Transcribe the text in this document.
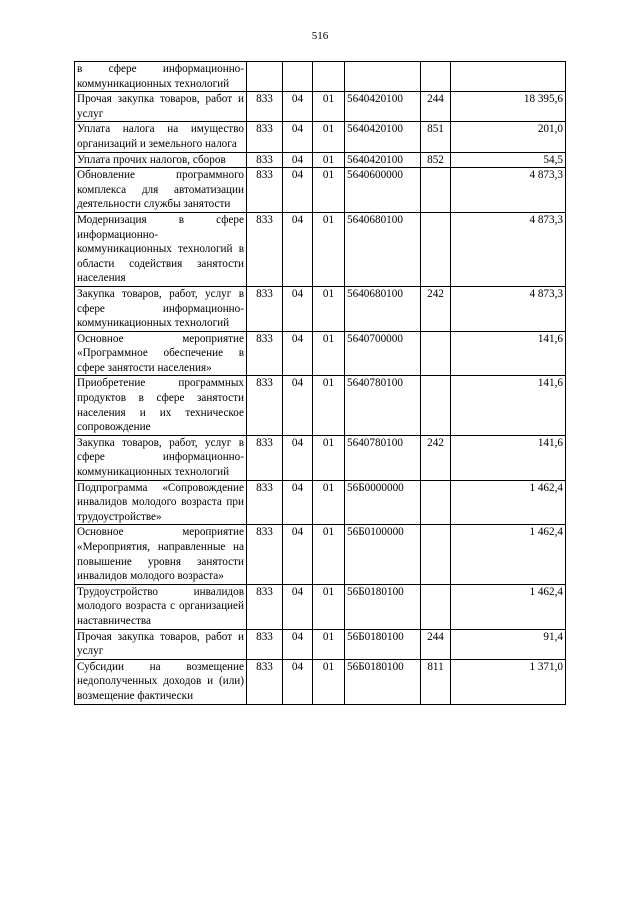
516
в сфере информационно-коммуникационных технологий						
Прочая закупка товаров, работ и услуг	833	04	01	5640420100	244	18 395,6
Уплата налога на имущество организаций и земельного налога	833	04	01	5640420100	851	201,0
Уплата прочих налогов, сборов	833	04	01	5640420100	852	54,5
Обновление программного комплекса для автоматизации деятельности службы занятости	833	04	01	5640600000		4 873,3
Модернизация в сфере информационно-коммуникационных технологий в области содействия занятости населения	833	04	01	5640680100		4 873,3
Закупка товаров, работ, услуг в сфере информационно-коммуникационных технологий	833	04	01	5640680100	242	4 873,3
Основное мероприятие «Программное обеспечение в сфере занятости населения»	833	04	01	5640700000		141,6
Приобретение программных продуктов в сфере занятости населения и их техническое сопровождение	833	04	01	5640780100		141,6
Закупка товаров, работ, услуг в сфере информационно-коммуникационных технологий	833	04	01	5640780100	242	141,6
Подпрограмма «Сопровождение инвалидов молодого возраста при трудоустройстве»	833	04	01	56Б0000000		1 462,4
Основное мероприятие «Мероприятия, направленные на повышение уровня занятости инвалидов молодого возраста»	833	04	01	56Б0100000		1 462,4
Трудоустройство инвалидов молодого возраста с организацией наставничества	833	04	01	56Б0180100		1 462,4
Прочая закупка товаров, работ и услуг	833	04	01	56Б0180100	244	91,4
Субсидии на возмещение недополученных доходов и (или) возмещение фактически	833	04	01	56Б0180100	811	1 371,0
